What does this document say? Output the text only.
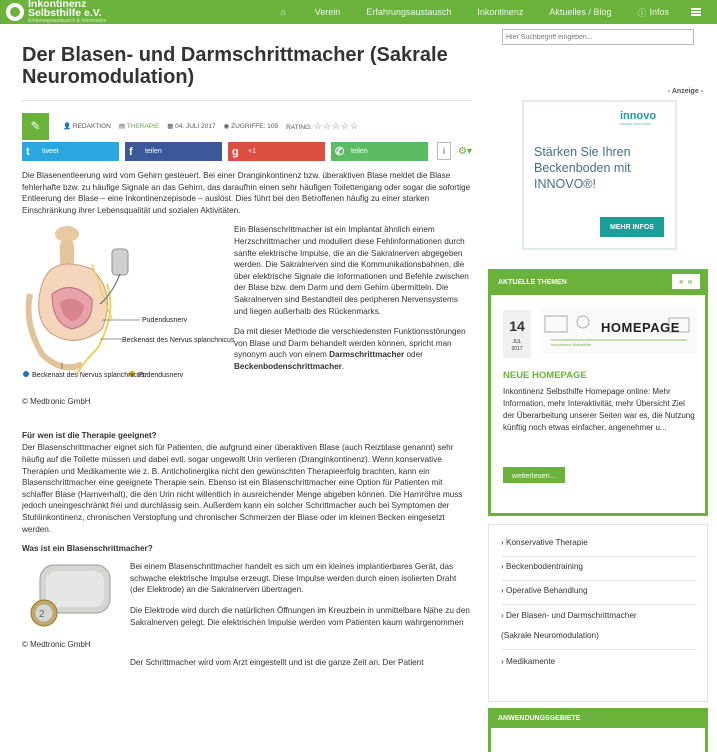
Inkontinenz
Selbsthilfe e.V.
Erfahrungsaustausch & Information
⌂	Verein	Erfahrungsaustausch	Inkontinenz	Aktuelles / Blog	ⓘ Infos
Der Blasen- und Darmschrittmacher (Sakrale Neuromodulation)
✎	👤 REDAKTION ▤ THERAPIE ▦ 04. JULI 2017 ◉ ZUGRIFFE: 105 RATING: ☆☆☆☆☆
t	tweet	f	teilen	g	+1	✆ teilen	i	⚙▾

Die Blasenentleerung wird vom Gehirn gesteuert. Bei einer Dranginkontinenz bzw. überaktiven Blase meldet die Blase fehlerhafte bzw. zu häufige Signale an das Gehirn, das daraufhin einen sehr häufigen Toilettengang oder sogar die sofortige Entleerung der Blase – eine Inkontinenzepisode – auslöst. Dies führt bei den Betroffenen häufig zu einer starken Einschränkung ihrer Lebensqualität und sozialen Aktivitäten.

Pudendusnerv
Beckenast des Nervus splanchnicus
Beckenast des Nervus splanchnicus
Pudendusnerv
© Medtronic GmbH

Ein Blasenschrittmacher ist ein Implantat ähnlich einem Herzschrittmacher und moduliert diese Fehlinformationen durch sanfte elektrische Impulse, die an die Sakralnerven abgegeben werden. Die Sakralnerven sind die Kommunikationsbahnen, die über elektrische Signale die Informationen und Befehle zwischen der Blase bzw. dem Darm und dem Gehirn übermitteln. Die Sakralnerven sind Bestandteil des peripheren Nervensystems und liegen außerhalb des Rückenmarks.

Da mit dieser Methode die verschiedensten Funktionsstörungen von Blase und Darm behandelt werden können, spricht man synonym auch von einem Darmschrittmacher oder Beckenbodenschrittmacher.

Für wen ist die Therapie geeignet?

Der Blasenschrittmacher eignet sich für Patienten, die aufgrund einer überaktiven Blase (auch Reizblase genannt) sehr häufig auf die Toilette müssen und dabei evtl. sogar ungewollt Urin verlieren (Dranginkontinenz). Wenn konservative Therapien und Medikamente wie z. B. Anticholinergika nicht den gewünschten Therapieerfolg brachten, kann ein Blasenschrittmacher eine geeignete Therapie sein. Ebenso ist ein Blasenschrittmacher eine Option für Patienten mit schlaffer Blase (Harnverhalt), die den Urin nicht willentlich in ausreichender Menge abgeben können. Die Harnröhre muss jedoch uneingeschränkt frei und durchlässig sein. Außerdem kann ein solcher Schrittmacher auch bei Symptomen der Stuhlinkontinenz, chronischen Verstopfung und chronischer Schmerzen der Blase oder im kleinen Becken eingesetzt werden.

Was ist ein Blasenschrittmacher?
2
© Medtronic GmbH

Bei einem Blasenschrittmacher handelt es sich um ein kleines implantierbares Gerät, das schwache elektrische Impulse erzeugt. Diese Impulse werden durch einen isolierten Draht (der Elektrode) an die Sakralnerven übertragen.

Die Elektrode wird durch die natürlichen Öffnungen im Kreuzbein in unmittelbare Nähe zu den Sakralnerven gelegt. Die elektrischen Impulse werden vom Patienten kaum wahrgenommen

Der Schrittmacher wird vom Arzt eingestellt und ist die ganze Zeit an. Der Patient

Hier Suchbegriff eingeben...
- Anzeige -
innovo
stronger from inside
Stärken Sie Ihren Beckenboden mit INNOVO®!
MEHR INFOS
AKTUELLE THEMEN	« »
14
JUL
2017
HOMEPAGE
Inkontinenz Selbsthilfe
NEUE HOMEPAGE
Inkontinenz Selbsthilfe Homepage online: Mehr Information, mehr Interaktivität, mehr Übersicht Ziel der Überarbeitung unserer Seiten war es, die Nutzung künftig noch etwas einfacher, angenehmer u...
weiterlesen...
› Konservative Therapie
› Beckenbodentraining
› Operative Behandlung
› Der Blasen- und Darmschrittmacher
(Sakrale Neuromodulation)
› Medikamente
ANWENDUNGSGEBIETE
